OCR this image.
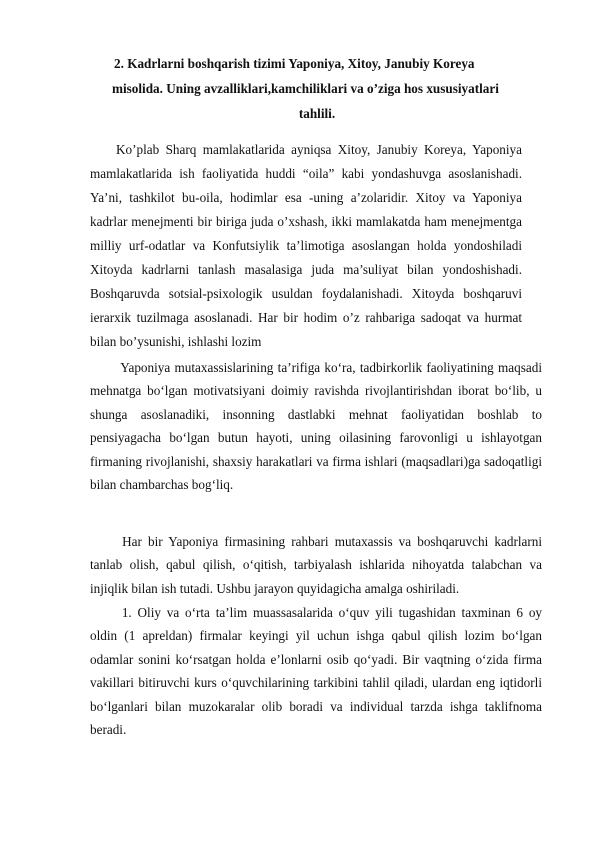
2. Kadrlarni boshqarish tizimi Yaponiya, Xitoy, Janubiy Koreya
misolida. Uning avzalliklari,kamchiliklari va o’ziga hos xususiyatlari
tahlili.
Ko’plab Sharq mamlakatlarida ayniqsa Xitoy, Janubiy Koreya, Yaponiya mamlakatlarida ish faoliyatida huddi “oila” kabi yondashuvga asoslanishadi. Ya’ni, tashkilot bu-oila, hodimlar esa -uning a’zolaridir. Xitoy va Yaponiya kadrlar menejmenti bir biriga juda o’xshash, ikki mamlakatda ham menejmentga milliy urf-odatlar va Konfutsiylik ta’limotiga asoslangan holda yondoshiladi Xitoyda kadrlarni tanlash masalasiga juda ma’suliyat bilan yondoshishadi. Boshqaruvda sotsial-psixologik usuldan foydalanishadi. Xitoyda boshqaruvi ierarxik tuzilmaga asoslanadi. Har bir hodim o’z rahbariga sadoqat va hurmat bilan bo’ysunishi, ishlashi lozim
Yaponiya mutaxassislarining ta’rifiga ko‘ra, tadbirkorlik faoliyatining maqsadi mehnatga bo‘lgan motivatsiyani doimiy ravishda rivojlantirishdan iborat bo‘lib, u shunga asoslanadiki, insonning dastlabki mehnat faoliyatidan boshlab to pensiyagacha bo‘lgan butun hayoti, uning oilasining farovonligi u ishlayotgan firmaning rivojlanishi, shaxsiy harakatlari va firma ishlari (maqsadlari)ga sadoqatligi bilan chambarchas bog‘liq.
Har bir Yaponiya firmasining rahbari mutaxassis va boshqaruvchi kadrlarni tanlab olish, qabul qilish, o‘qitish, tarbiyalash ishlarida nihoyatda talabchan va injiqlik bilan ish tutadi. Ushbu jarayon quyidagicha amalga oshiriladi.
1. Oliy va o‘rta ta’lim muassasalarida o‘quv yili tugashidan taxminan 6 oy oldin (1 apreldan) firmalar keyingi yil uchun ishga qabul qilish lozim bo‘lgan odamlar sonini ko‘rsatgan holda e’lonlarni osib qo‘yadi. Bir vaqtning o‘zida firma vakillari bitiruvchi kurs o‘quvchilarining tarkibini tahlil qiladi, ulardan eng iqtidorli bo‘lganlari bilan muzokaralar olib boradi va individual tarzda ishga taklifnoma beradi.
